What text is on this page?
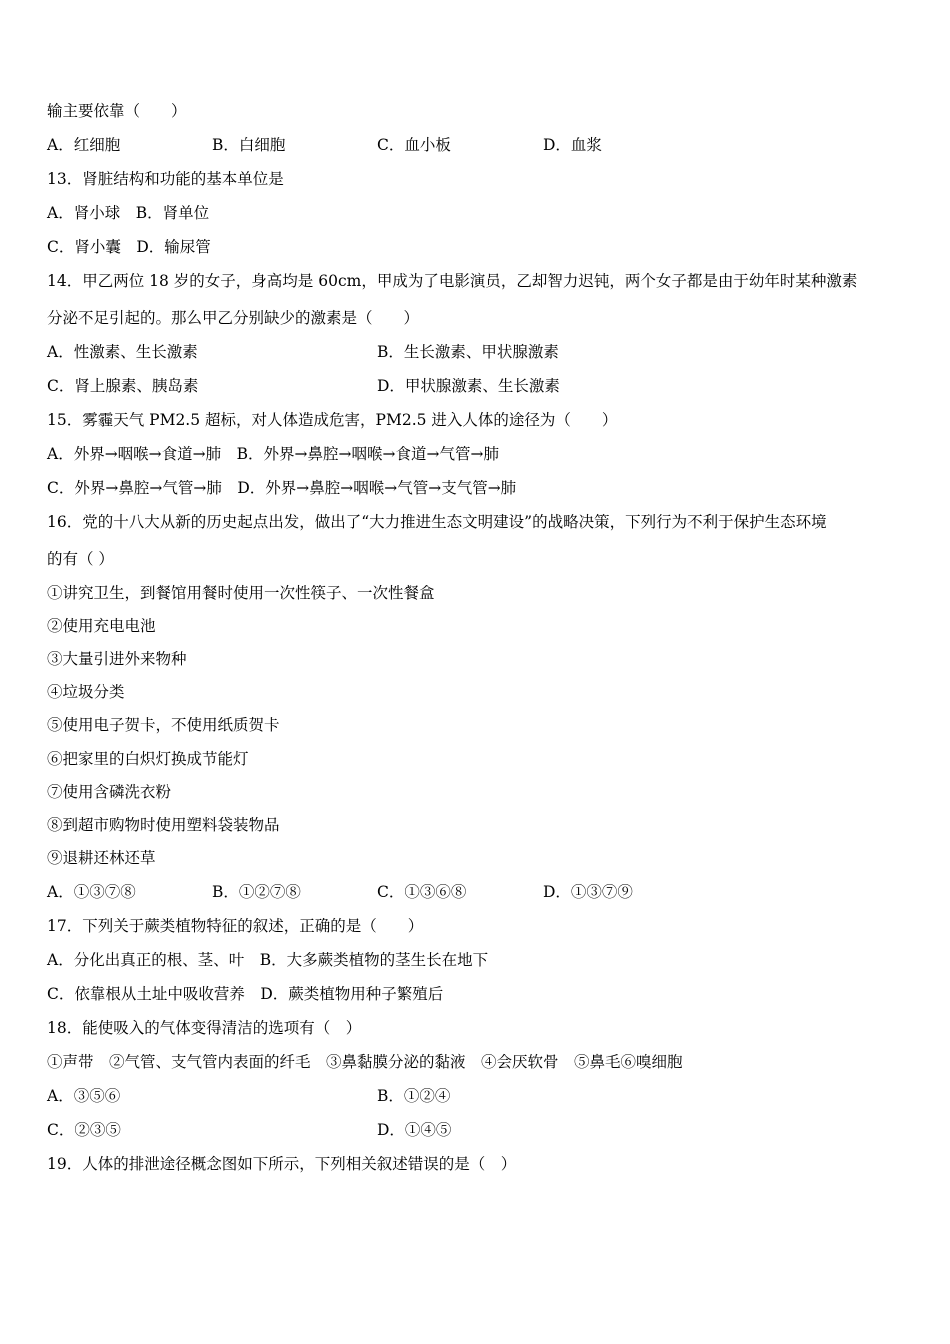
输主要依靠（　　）
A．红细胞	B．白细胞	C．血小板	D．血浆
13．肾脏结构和功能的基本单位是
A．肾小球　B．肾单位
C．肾小囊　D．输尿管
14．甲乙两位 18 岁的女子，身高均是 60cm，甲成为了电影演员，乙却智力迟钝，两个女子都是由于幼年时某种激素
分泌不足引起的。那么甲乙分别缺少的激素是（　　）
A．性激素、生长激素	B．生长激素、甲状腺激素
C．肾上腺素、胰岛素	D．甲状腺激素、生长激素
15．雾霾天气 PM2.5 超标，对人体造成危害，PM2.5 进入人体的途径为（　　）
A．外界→咽喉→食道→肺　B．外界→鼻腔→咽喉→食道→气管→肺
C．外界→鼻腔→气管→肺　D．外界→鼻腔→咽喉→气管→支气管→肺
16．党的十八大从新的历史起点出发，做出了“大力推进生态文明建设”的战略决策，下列行为不利于保护生态环境
的有（ ）
①讲究卫生，到餐馆用餐时使用一次性筷子、一次性餐盒
②使用充电电池
③大量引进外来物种
④垃圾分类
⑤使用电子贺卡，不使用纸质贺卡
⑥把家里的白炽灯换成节能灯
⑦使用含磷洗衣粉
⑧到超市购物时使用塑料袋装物品
⑨退耕还林还草
A．①③⑦⑧	B．①②⑦⑧	C．①③⑥⑧	D．①③⑦⑨
17．下列关于蕨类植物特征的叙述，正确的是（　　）
A．分化出真正的根、茎、叶　B．大多蕨类植物的茎生长在地下
C．依靠根从土址中吸收营养　D．蕨类植物用种子繁殖后
18．能使吸入的气体变得清洁的选项有（　）
①声带　②气管、支气管内表面的纤毛　③鼻黏膜分泌的黏液　④会厌软骨　⑤鼻毛⑥嗅细胞
A．③⑤⑥	B．①②④
C．②③⑤	D．①④⑤
19．人体的排泄途径概念图如下所示，下列相关叙述错误的是（　）
